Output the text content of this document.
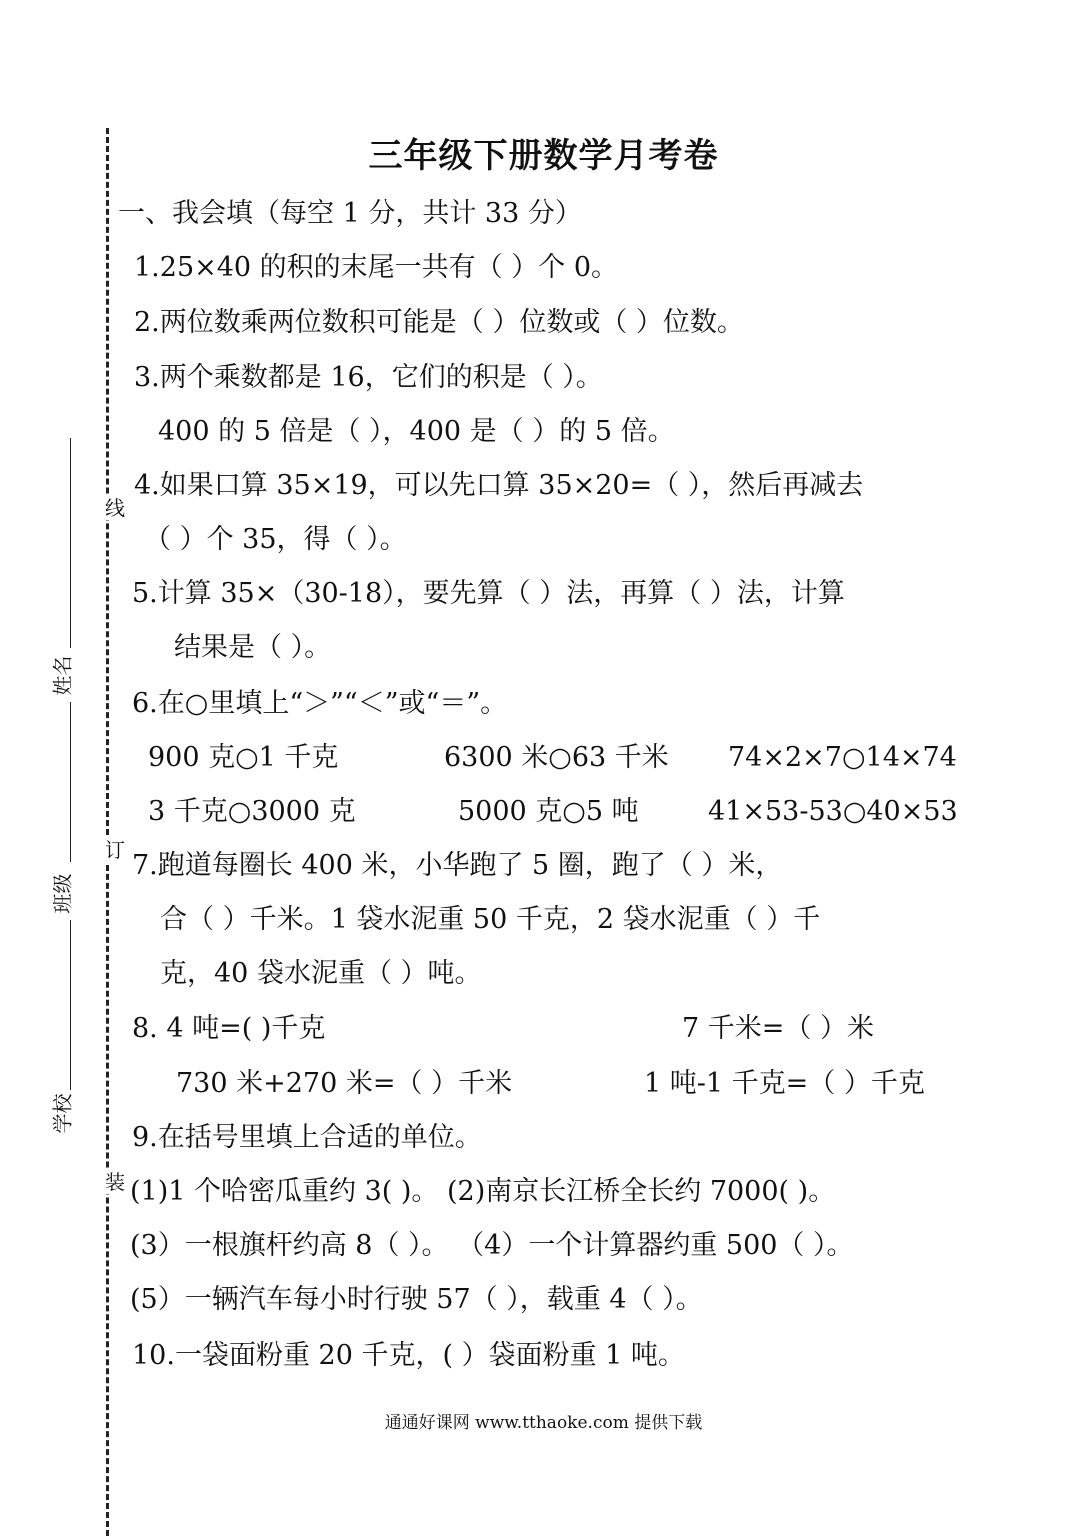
线
订
装
姓名
班级
学校
三年级下册数学月考卷
一、我会填（每空 1 分，共计 33 分）
1.25×40 的积的末尾一共有（ ）个 0。
2.两位数乘两位数积可能是（ ）位数或（ ）位数。
3.两个乘数都是 16，它们的积是（ ）。
400 的 5 倍是（ ），400 是（ ）的 5 倍。
4.如果口算 35×19，可以先口算 35×20=（ ），然后再减去
（ ）个 35，得（ ）。
5.计算 35×（30-18），要先算（ ）法，再算（ ）法，计算
结果是（ ）。
6.在○里填上“＞”“＜”或“＝”。
900 克○1 千克	6300 米○63 千米 74×2×7○14×74
3 千克○3000 克	5000 克○5 吨	41×53-53○40×53
7.跑道每圈长 400 米，小华跑了 5 圈，跑了（ ）米，
合（ ）千米。1 袋水泥重 50 千克，2 袋水泥重（ ）千
克，40 袋水泥重（ ）吨。
8. 4 吨=( )千克	7 千米=（ ）米
730 米+270 米=（ ）千米	1 吨-1 千克=（ ）千克
9.在括号里填上合适的单位。
(1)1 个哈密瓜重约 3( )。 (2)南京长江桥全长约 7000( )。
(3）一根旗杆约高 8（ ）。 （4）一个计算器约重 500（ ）。
(5）一辆汽车每小时行驶 57（ ），载重 4（ ）。
10.一袋面粉重 20 千克，( ）袋面粉重 1 吨。
通通好课网 www.tthaoke.com 提供下载
